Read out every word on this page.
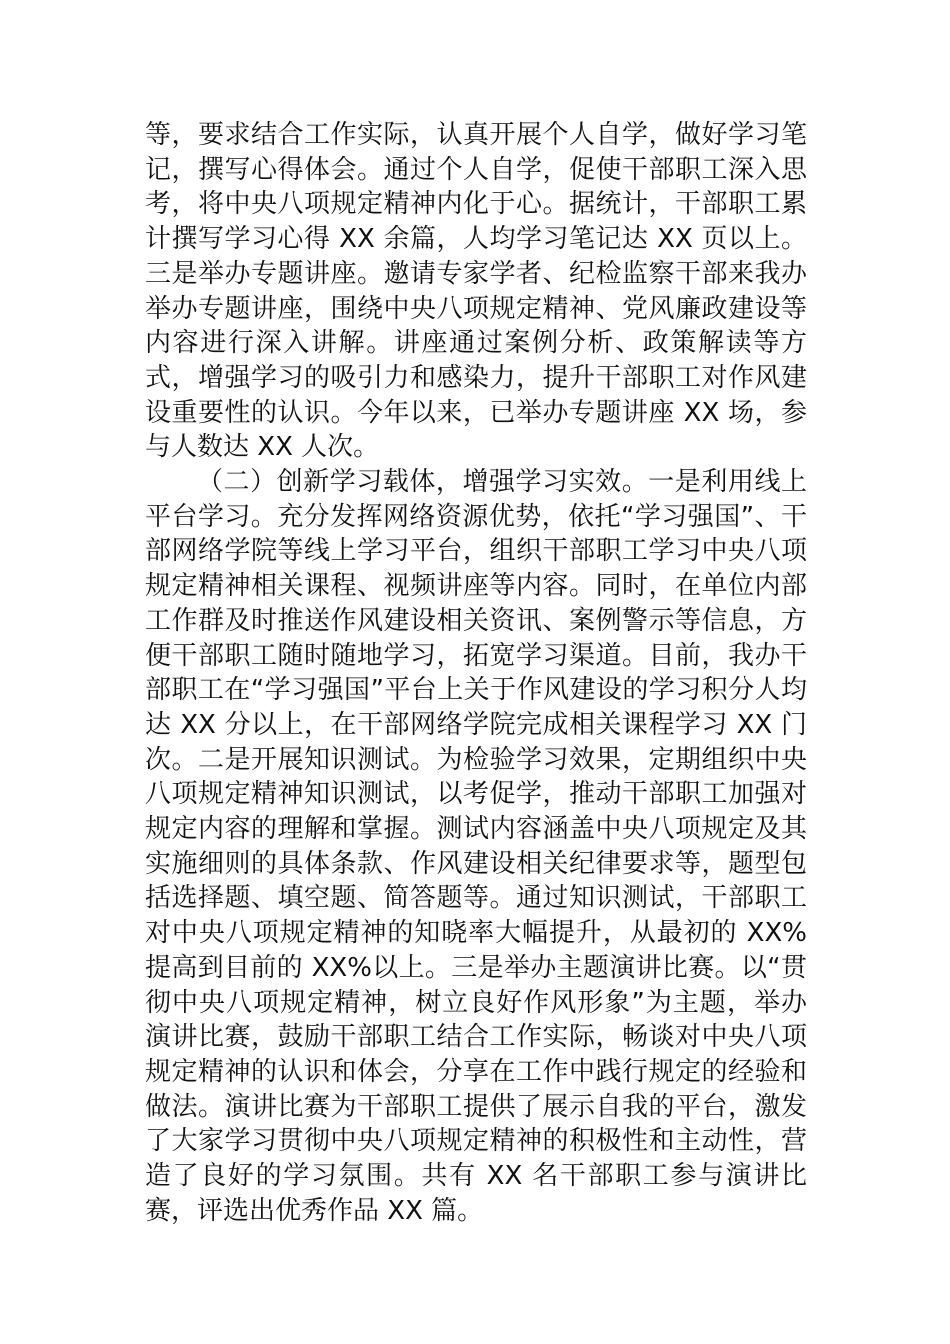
等，要求结合工作实际，认真开展个人自学，做好学习笔记，撰写心得体会。通过个人自学，促使干部职工深入思考，将中央八项规定精神内化于心。据统计，干部职工累计撰写学习心得 XX 余篇，人均学习笔记达 XX 页以上。三是举办专题讲座。邀请专家学者、纪检监察干部来我办举办专题讲座，围绕中央八项规定精神、党风廉政建设等内容进行深入讲解。讲座通过案例分析、政策解读等方式，增强学习的吸引力和感染力，提升干部职工对作风建设重要性的认识。今年以来，已举办专题讲座 XX 场，参与人数达 XX 人次。

（二）创新学习载体，增强学习实效。一是利用线上平台学习。充分发挥网络资源优势，依托“学习强国”、干部网络学院等线上学习平台，组织干部职工学习中央八项规定精神相关课程、视频讲座等内容。同时，在单位内部工作群及时推送作风建设相关资讯、案例警示等信息，方便干部职工随时随地学习，拓宽学习渠道。目前，我办干部职工在“学习强国”平台上关于作风建设的学习积分人均达 XX 分以上，在干部网络学院完成相关课程学习 XX 门次。二是开展知识测试。为检验学习效果，定期组织中央八项规定精神知识测试，以考促学，推动干部职工加强对规定内容的理解和掌握。测试内容涵盖中央八项规定及其实施细则的具体条款、作风建设相关纪律要求等，题型包括选择题、填空题、简答题等。通过知识测试，干部职工对中央八项规定精神的知晓率大幅提升，从最初的 XX%提高到目前的 XX%以上。三是举办主题演讲比赛。以“贯彻中央八项规定精神，树立良好作风形象”为主题，举办演讲比赛，鼓励干部职工结合工作实际，畅谈对中央八项规定精神的认识和体会，分享在工作中践行规定的经验和做法。演讲比赛为干部职工提供了展示自我的平台，激发了大家学习贯彻中央八项规定精神的积极性和主动性，营造了良好的学习氛围。共有 XX 名干部职工参与演讲比赛，评选出优秀作品 XX 篇。
